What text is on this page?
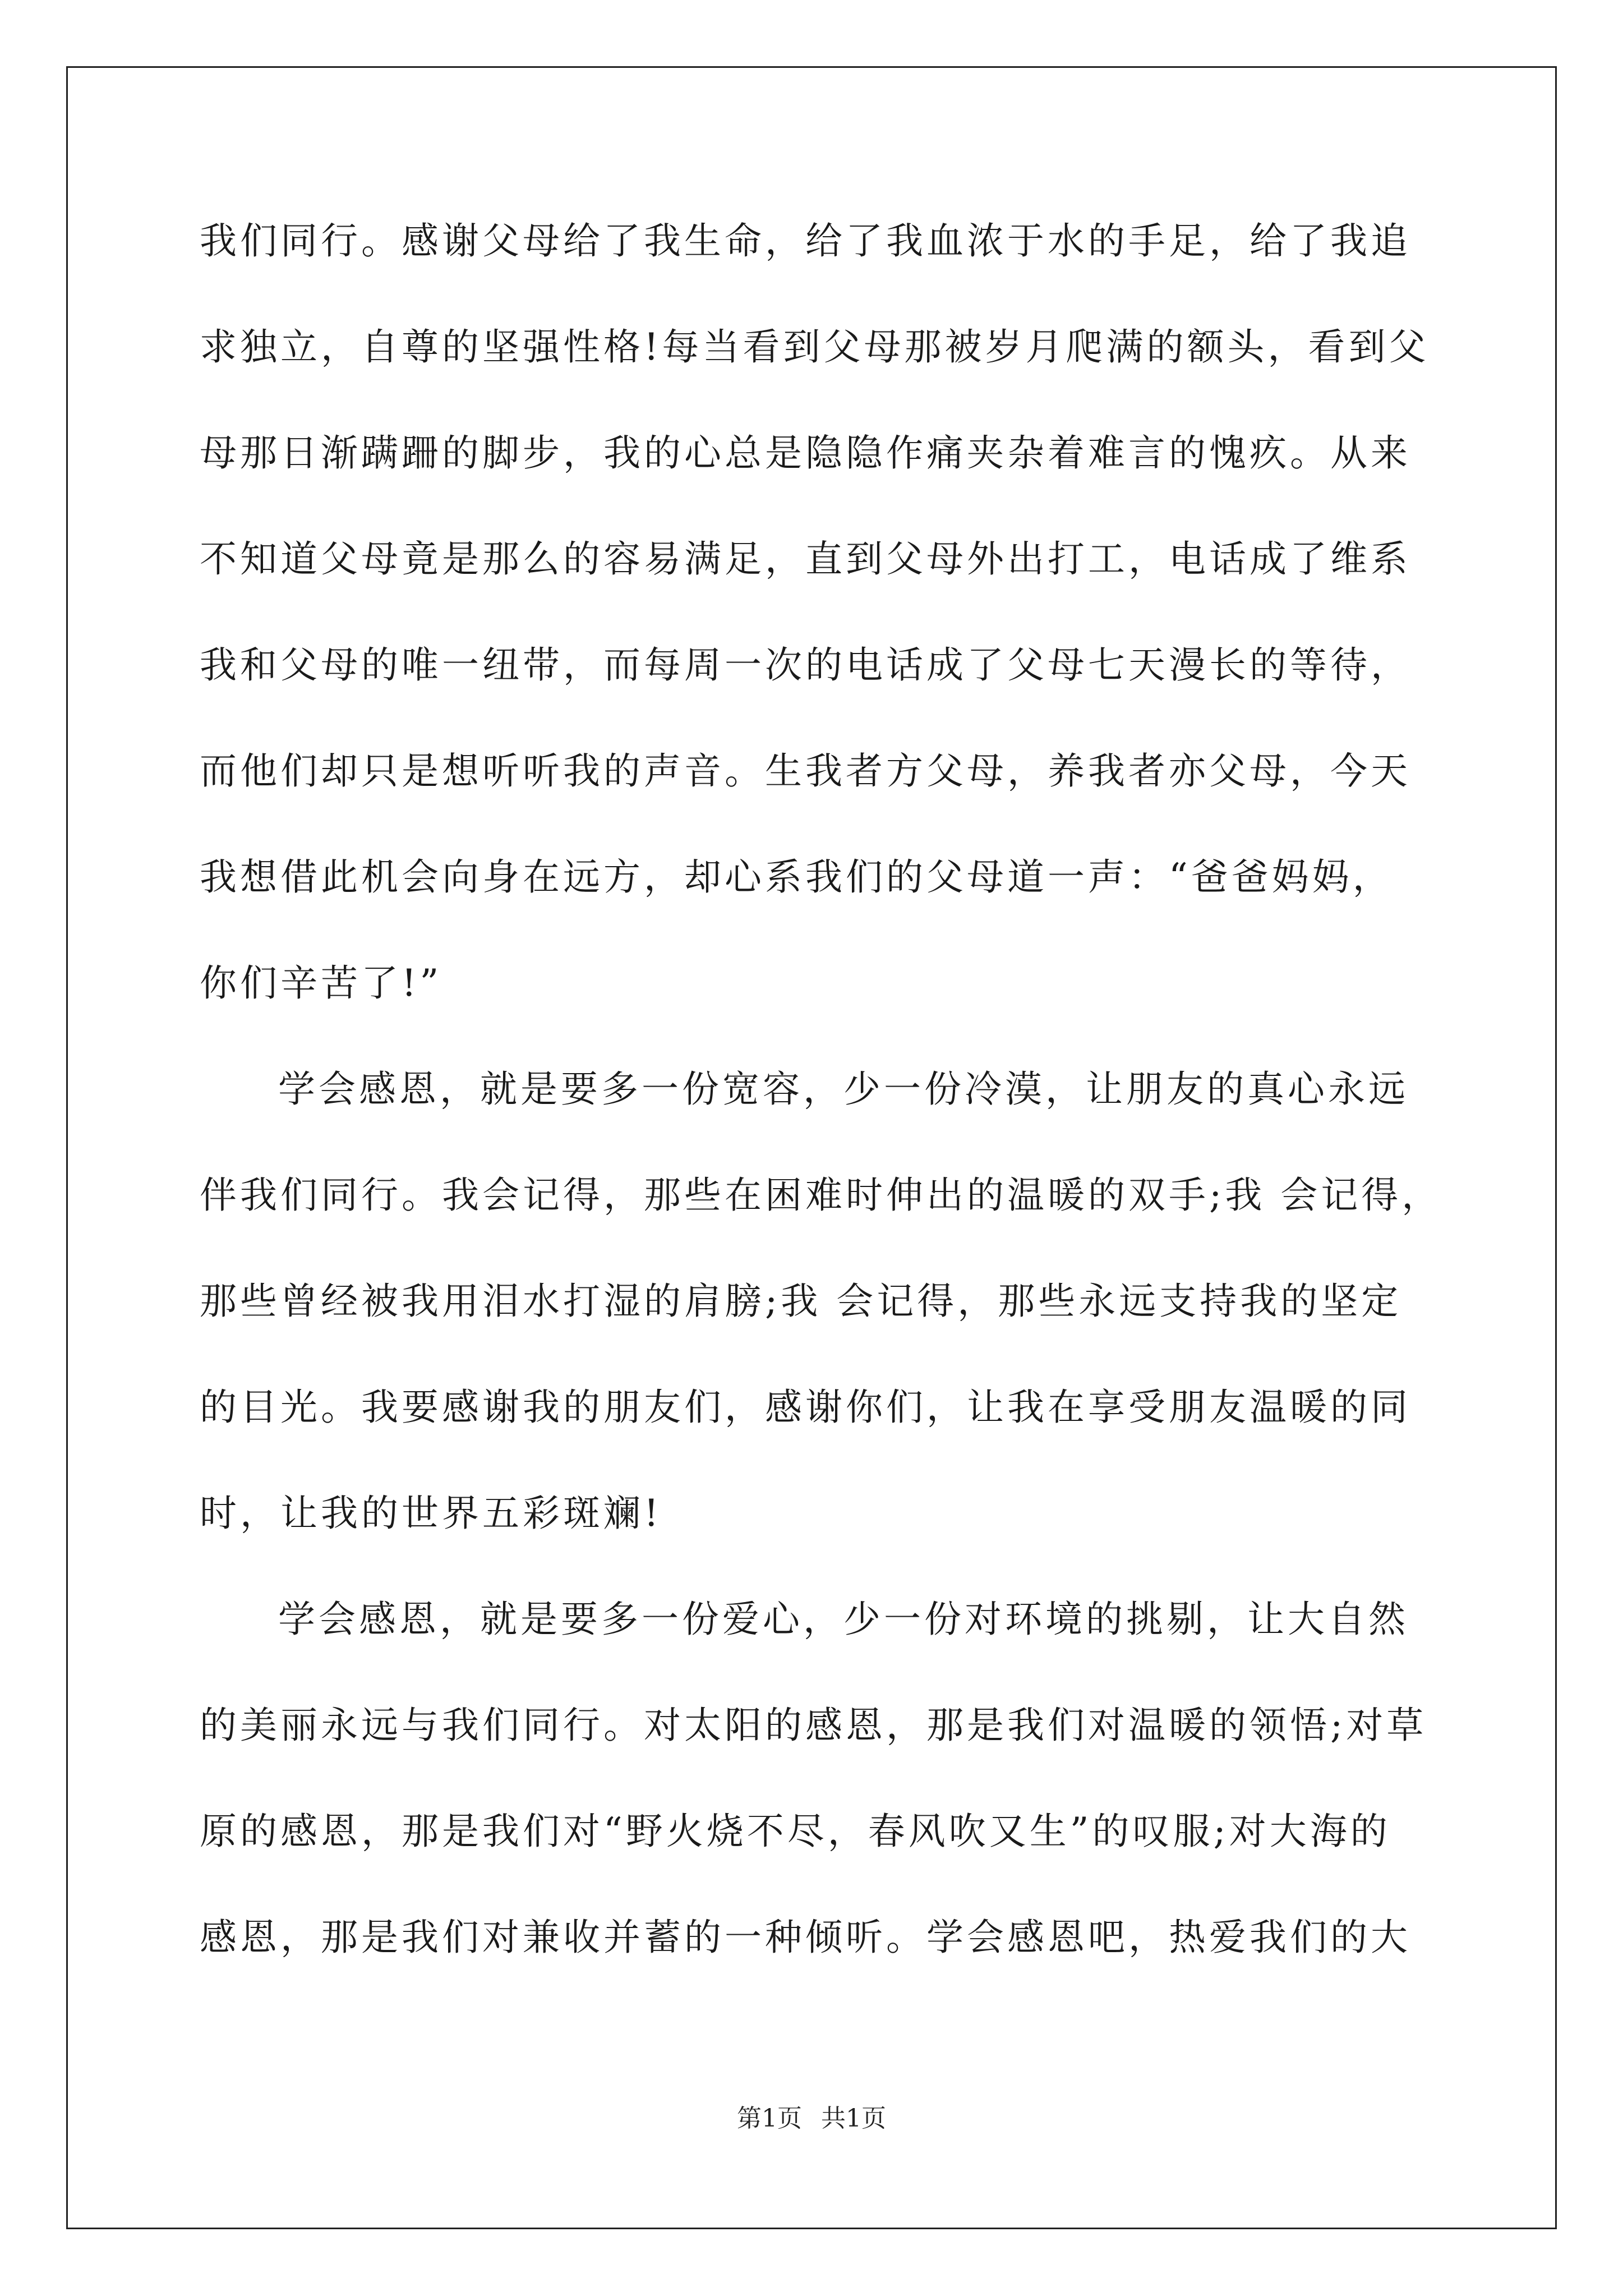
我们同行。感谢父母给了我生命，给了我血浓于水的手足，给了我追
求独立，自尊的坚强性格!每当看到父母那被岁月爬满的额头，看到父
母那日渐蹒跚的脚步，我的心总是隐隐作痛夹杂着难言的愧疚。从来
不知道父母竟是那么的容易满足，直到父母外出打工，电话成了维系
我和父母的唯一纽带，而每周一次的电话成了父母七天漫长的等待，
而他们却只是想听听我的声音。生我者方父母，养我者亦父母，今天
我想借此机会向身在远方，却心系我们的父母道一声：“爸爸妈妈，
你们辛苦了!”
学会感恩，就是要多一份宽容，少一份冷漠，让朋友的真心永远
伴我们同行。我会记得，那些在困难时伸出的温暖的双手;我 会记得，
那些曾经被我用泪水打湿的肩膀;我 会记得，那些永远支持我的坚定
的目光。我要感谢我的朋友们，感谢你们，让我在享受朋友温暖的同
时，让我的世界五彩斑斓!
学会感恩，就是要多一份爱心，少一份对环境的挑剔，让大自然
的美丽永远与我们同行。对太阳的感恩，那是我们对温暖的领悟;对草
原的感恩，那是我们对“野火烧不尽，春风吹又生”的叹服;对大海的
感恩，那是我们对兼收并蓄的一种倾听。学会感恩吧，热爱我们的大
第1页 共1页
